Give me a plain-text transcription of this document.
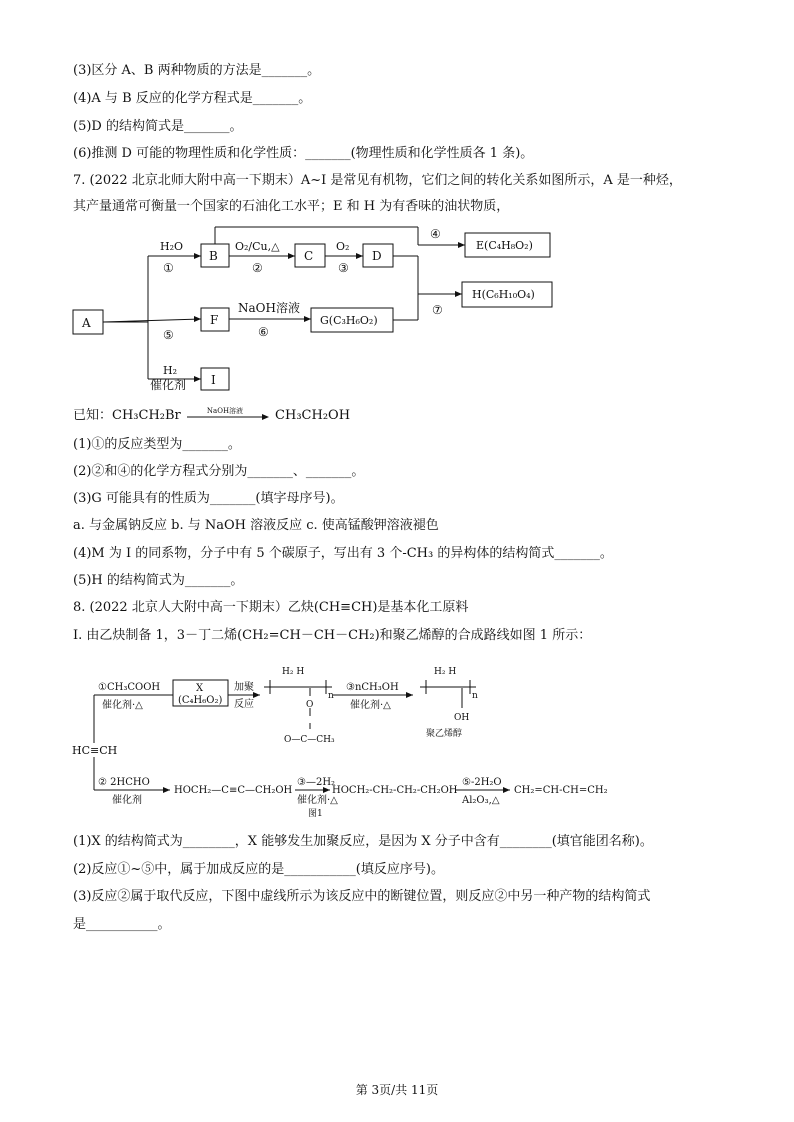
(3)区分 A、B 两种物质的方法是_______。
(4)A 与 B 反应的化学方程式是_______。
(5)D 的结构简式是_______。
(6)推测 D 可能的物理性质和化学性质：_______(物理性质和化学性质各 1 条)。
7. (2022 北京北师大附中高一下期末）A~I 是常见有机物，它们之间的转化关系如图所示，A 是一种烃，
其产量通常可衡量一个国家的石油化工水平；E 和 H 为有香味的油状物质，
A
B	C	D
E(C₄H₈O₂)
F	G(C₃H₆O₂)
H(C₆H₁₀O₄)
I
H₂O
①
O₂/Cu,△
②
O₂
③
④
⑤
NaOH溶液
⑥
⑦
H₂
催化剂
已知：CH₃CH₂Br	NaOH溶液 CH₃CH₂OH
(1)①的反应类型为_______。
(2)②和④的化学方程式分别为_______、_______。
(3)G 可能具有的性质为_______(填字母序号)。
a. 与金属钠反应 b. 与 NaOH 溶液反应 c. 使高锰酸钾溶液褪色
(4)M 为 I 的同系物，分子中有 5 个碳原子，写出有 3 个-CH₃ 的异构体的结构简式_______。
(5)H 的结构简式为_______。
8. (2022 北京人大附中高一下期末）乙炔(CH≡CH)是基本化工原料
I. 由乙炔制备 1，3－丁二烯(CH₂=CH－CH－CH₂)和聚乙烯醇的合成路线如图 1 所示：
①CH₃COOH
催化剂·△
X
(C₄H₆O₂)
加聚
反应
H₂ H
n
O
O—C—CH₃
③nCH₃OH
催化剂·△
H₂ H
n
OH
聚乙烯醇
HC≡CH
② 2HCHO
催化剂
HOCH₂—C≡C—CH₂OH
③—2H₂
催化剂·△
HOCH₂-CH₂-CH₂-CH₂OH
⑤-2H₂O
Al₂O₃,△
CH₂=CH-CH=CH₂
图1
(1)X 的结构简式为________，X 能够发生加聚反应，是因为 X 分子中含有________(填官能团名称)。
(2)反应①~⑤中，属于加成反应的是___________(填反应序号)。
(3)反应②属于取代反应，下图中虚线所示为该反应中的断键位置，则反应②中另一种产物的结构简式
是___________。
第 3页/共 11页
